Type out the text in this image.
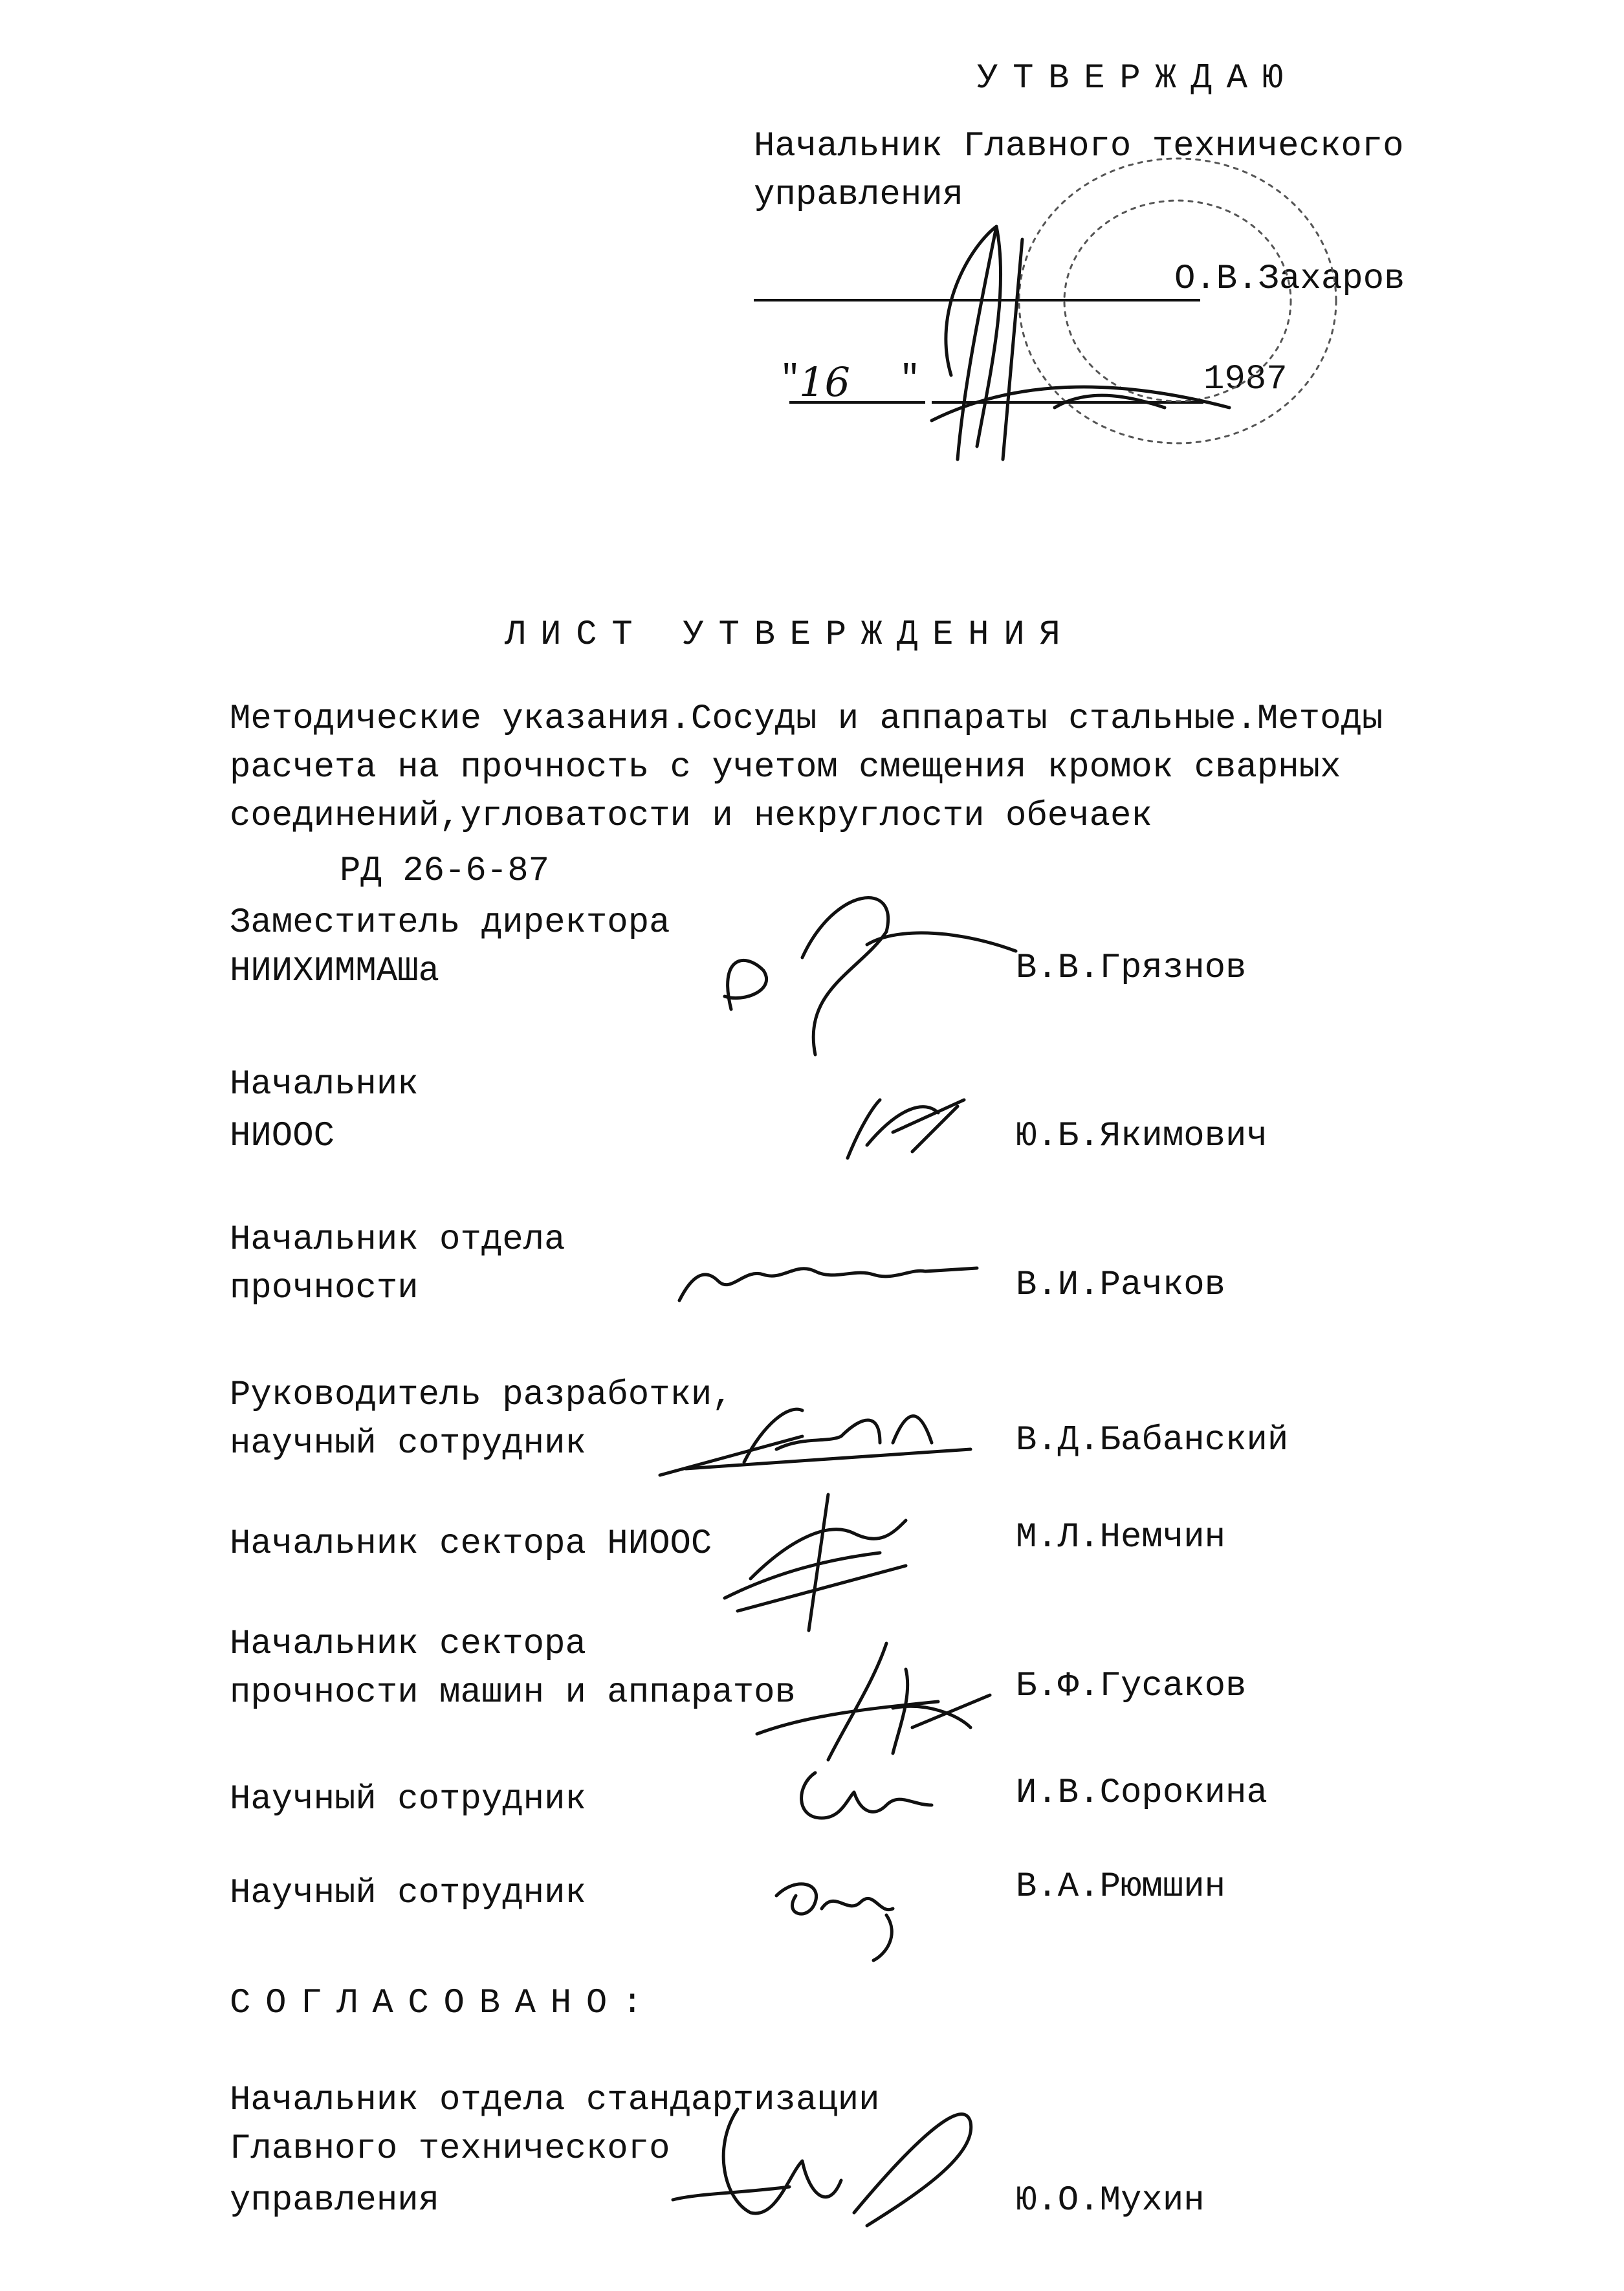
УТВЕРЖДАЮ
Начальник Главного технического
управления
О.В.Захаров
"
16 "	1987
ЛИСТ УТВЕРЖДЕНИЯ
Методические указания.Сосуды и аппараты стальные.Методы
расчета на прочность с учетом смещения кромок сварных
соединений,угловатости и некруглости обечаек
РД 26-6-87
Заместитель директора
НИИХИММАШа	В.В.Грязнов
Начальник
НИООС	Ю.Б.Якимович
Начальник отдела
прочности	В.И.Рачков
Руководитель разработки,
научный сотрудник	В.Д.Бабанский
Начальник сектора НИООС	М.Л.Немчин
Начальник сектора
прочности машин и аппаратов	Б.Ф.Гусаков
Научный сотрудник	И.В.Сорокина
Научный сотрудник	В.А.Рюмшин
СОГЛАСОВАНО:
Начальник отдела стандартизации
Главного технического
управления	Ю.О.Мухин
